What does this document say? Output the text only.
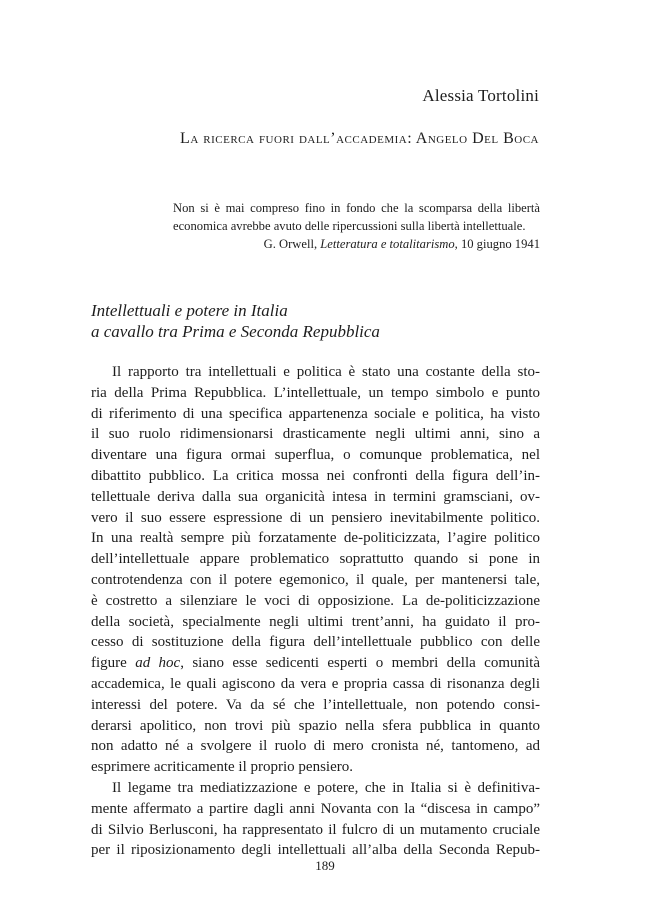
Alessia Tortolini
La ricerca fuori dall’accademia: Angelo Del Boca
Non si è mai compreso fino in fondo che la scomparsa della libertà
economica avrebbe avuto delle ripercussioni sulla libertà intellettuale.
G. Orwell, Letteratura e totalitarismo, 10 giugno 1941
Intellettuali e potere in Italia
a cavallo tra Prima e Seconda Repubblica
Il rapporto tra intellettuali e politica è stato una costante della sto-
ria della Prima Repubblica. L’intellettuale, un tempo simbolo e punto
di riferimento di una specifica appartenenza sociale e politica, ha visto
il suo ruolo ridimensionarsi drasticamente negli ultimi anni, sino a
diventare una figura ormai superflua, o comunque problematica, nel
dibattito pubblico. La critica mossa nei confronti della figura dell’in-
tellettuale deriva dalla sua organicità intesa in termini gramsciani, ov-
vero il suo essere espressione di un pensiero inevitabilmente politico.
In una realtà sempre più forzatamente de-politicizzata, l’agire politico
dell’intellettuale appare problematico soprattutto quando si pone in
controtendenza con il potere egemonico, il quale, per mantenersi tale,
è costretto a silenziare le voci di opposizione. La de-politicizzazione
della società, specialmente negli ultimi trent’anni, ha guidato il pro-
cesso di sostituzione della figura dell’intellettuale pubblico con delle
figure ad hoc, siano esse sedicenti esperti o membri della comunità
accademica, le quali agiscono da vera e propria cassa di risonanza degli
interessi del potere. Va da sé che l’intellettuale, non potendo consi-
derarsi apolitico, non trovi più spazio nella sfera pubblica in quanto
non adatto né a svolgere il ruolo di mero cronista né, tantomeno, ad
esprimere acriticamente il proprio pensiero.
Il legame tra mediatizzazione e potere, che in Italia si è definitiva-
mente affermato a partire dagli anni Novanta con la “discesa in campo”
di Silvio Berlusconi, ha rappresentato il fulcro di un mutamento cruciale
per il riposizionamento degli intellettuali all’alba della Seconda Repub-
189
